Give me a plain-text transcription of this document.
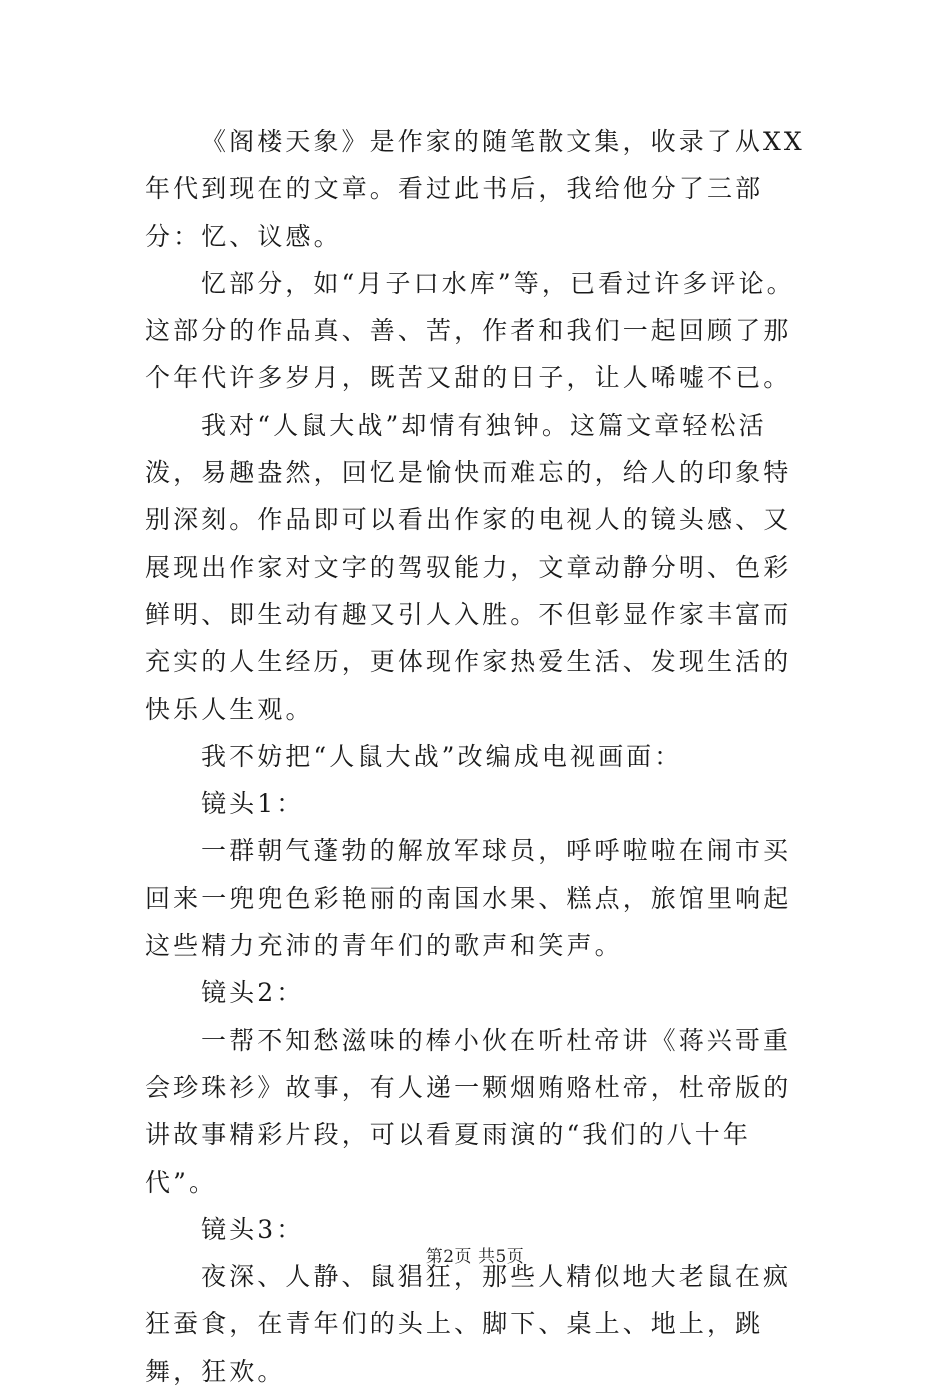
《阁楼天象》是作家的随笔散文集，收录了从XX年代到现在的文章。看过此书后，我给他分了三部分：忆、议感。

忆部分，如“月子口水库”等，已看过许多评论。这部分的作品真、善、苦，作者和我们一起回顾了那个年代许多岁月，既苦又甜的日子，让人唏嘘不已。

我对“人鼠大战”却情有独钟。这篇文章轻松活泼，易趣盎然，回忆是愉快而难忘的，给人的印象特别深刻。作品即可以看出作家的电视人的镜头感、又展现出作家对文字的驾驭能力，文章动静分明、色彩鲜明、即生动有趣又引人入胜。不但彰显作家丰富而充实的人生经历，更体现作家热爱生活、发现生活的快乐人生观。

我不妨把“人鼠大战”改编成电视画面：

镜头1：

一群朝气蓬勃的解放军球员，呼呼啦啦在闹市买回来一兜兜色彩艳丽的南国水果、糕点，旅馆里响起这些精力充沛的青年们的歌声和笑声。

镜头2：

一帮不知愁滋味的棒小伙在听杜帝讲《蒋兴哥重会珍珠衫》故事，有人递一颗烟贿赂杜帝，杜帝版的讲故事精彩片段，可以看夏雨演的“我们的八十年代”。

镜头3：

夜深、人静、鼠猖狂，那些人精似地大老鼠在疯狂蚕食，在青年们的头上、脚下、桌上、地上，跳舞，狂欢。

第2页 共5页
